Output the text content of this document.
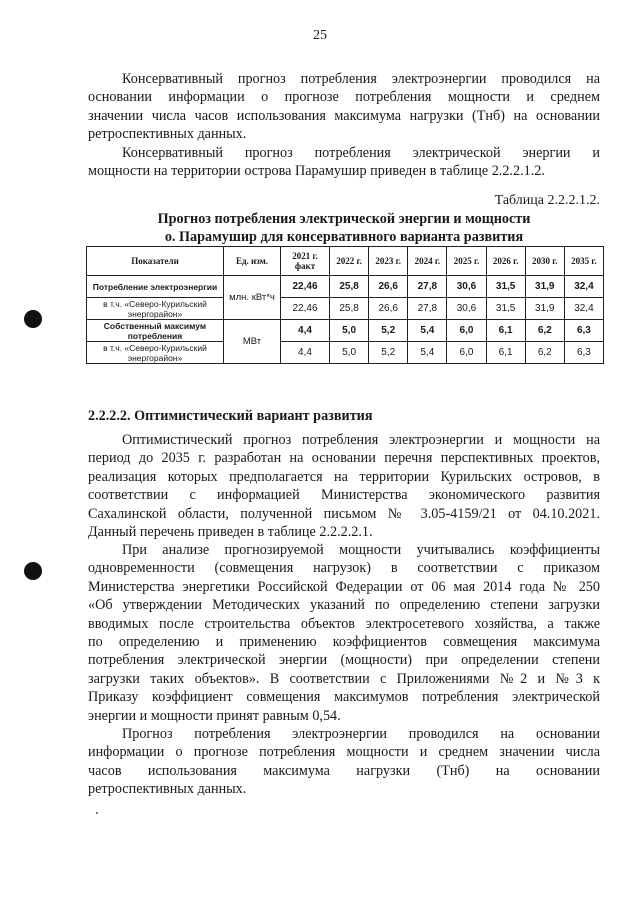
25
Консервативный прогноз потребления электроэнергии проводился на
основании информации о прогнозе потребления мощности и среднем
значении числа часов использования максимума нагрузки (Тнб) на основании
ретроспективных данных.
Консервативный прогноз потребления электрической энергии и
мощности на территории острова Парамушир приведен в таблице 2.2.2.1.2.
Таблица 2.2.2.1.2.
Прогноз потребления электрической энергии и мощности
о. Парамушир для консервативного варианта развития
Показатели	Ед. изм.	2021 г. факт	2022 г.	2023 г.	2024 г.	2025 г.	2026 г.	2030 г.	2035 г.
Потребление электроэнергии	млн. кВт*ч	22,46	25,8	26,6	27,8	30,6	31,5	31,9	32,4
в т.ч. «Северо-Курильский энергорайон»		22,46	25,8	26,6	27,8	30,6	31,5	31,9	32,4
Собственный максимум потребления	МВт	4,4	5,0	5,2	5,4	6,0	6,1	6,2	6,3
в т.ч. «Северо-Курильский энергорайон»		4,4	5,0	5,2	5,4	6,0	6,1	6,2	6,3
2.2.2.2. Оптимистический вариант развития
Оптимистический прогноз потребления электроэнергии и мощности на
период до 2035 г. разработан на основании перечня перспективных проектов,
реализация которых предполагается на территории Курильских островов, в
соответствии с информацией Министерства экономического развития
Сахалинской области, полученной письмом № 3.05-4159/21 от 04.10.2021.
Данный перечень приведен в таблице 2.2.2.2.1.
При анализе прогнозируемой мощности учитывались коэффициенты
одновременности (совмещения нагрузок) в соответствии с приказом
Министерства энергетики Российской Федерации от 06 мая 2014 года № 250
«Об утверждении Методических указаний по определению степени загрузки
вводимых после строительства объектов электросетевого хозяйства, а также
по определению и применению коэффициентов совмещения максимума
потребления электрической энергии (мощности) при определении степени
загрузки таких объектов». В соответствии с Приложениями №2 и №3 к
Приказу коэффициент совмещения максимумов потребления электрической
энергии и мощности принят равным 0,54.
Прогноз потребления электроэнергии проводился на основании
информации о прогнозе потребления мощности и среднем значении числа
часов использования максимума нагрузки (Тнб) на основании
ретроспективных данных.
